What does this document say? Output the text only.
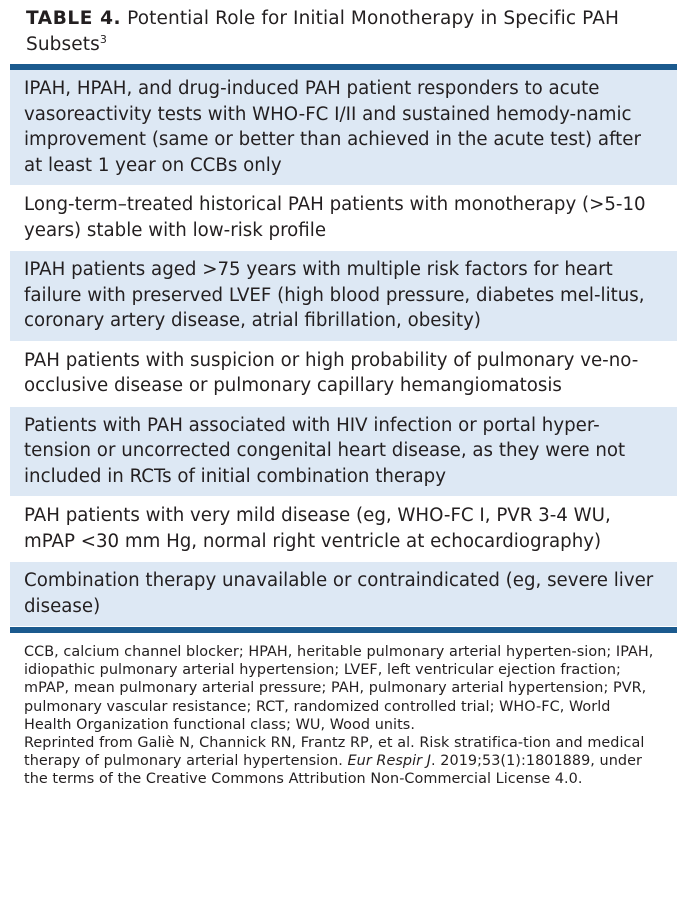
TABLE 4. Potential Role for Initial Monotherapy in Specific PAH Subsets$^3$
IPAH, HPAH, and drug-induced PAH patient responders to acute vasoreactivity tests with WHO-FC I/II and sustained hemody-namic improvement (same or better than achieved in the acute test) after at least 1 year on CCBs only
Long-term–treated historical PAH patients with monotherapy (>5-10 years) stable with low-risk profile
IPAH patients aged >75 years with multiple risk factors for heart failure with preserved LVEF (high blood pressure, diabetes mel-litus, coronary artery disease, atrial fibrillation, obesity)
PAH patients with suspicion or high probability of pulmonary ve-no-occlusive disease or pulmonary capillary hemangiomatosis
Patients with PAH associated with HIV infection or portal hyper-tension or uncorrected congenital heart disease, as they were not included in RCTs of initial combination therapy
PAH patients with very mild disease (eg, WHO-FC I, PVR 3-4 WU, mPAP <30 mm Hg, normal right ventricle at echocardiography)
Combination therapy unavailable or contraindicated (eg, severe liver disease)

CCB, calcium channel blocker; HPAH, heritable pulmonary arterial hyperten-sion; IPAH, idiopathic pulmonary arterial hypertension; LVEF, left ventricular ejection fraction; mPAP, mean pulmonary arterial pressure; PAH, pulmonary arterial hypertension; PVR, pulmonary vascular resistance; RCT, randomized controlled trial; WHO-FC, World Health Organization functional class; WU, Wood units.

Reprinted from Galiè N, Channick RN, Frantz RP, et al. Risk stratifica-tion and medical therapy of pulmonary arterial hypertension. Eur Respir J. 2019;53(1):1801889, under the terms of the Creative Commons Attribution Non-Commercial License 4.0.
